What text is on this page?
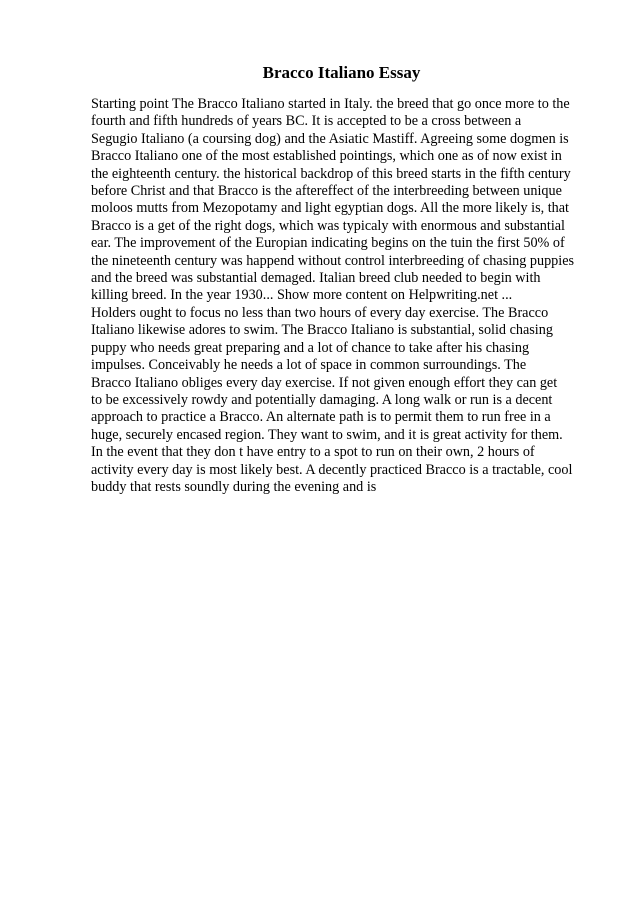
Bracco Italiano Essay
Starting point The Bracco Italiano started in Italy. the breed that go once more to the
fourth and fifth hundreds of years BC. It is accepted to be a cross between a
Segugio Italiano (a coursing dog) and the Asiatic Mastiff. Agreeing some dogmen is
Bracco Italiano one of the most established pointings, which one as of now exist in
the eighteenth century. the historical backdrop of this breed starts in the fifth century
before Christ and that Bracco is the aftereffect of the interbreeding between unique
moloos mutts from Mezopotamy and light egyptian dogs. All the more likely is, that
Bracco is a get of the right dogs, which was typicaly with enormous and substantial
ear. The improvement of the Europian indicating begins on the tuin the first 50% of
the nineteenth century was happend without control interbreeding of chasing puppies
and the breed was substantial demaged. Italian breed club needed to begin with
killing breed. In the year 1930... Show more content on Helpwriting.net ...
Holders ought to focus no less than two hours of every day exercise. The Bracco
Italiano likewise adores to swim. The Bracco Italiano is substantial, solid chasing
puppy who needs great preparing and a lot of chance to take after his chasing
impulses. Conceivably he needs a lot of space in common surroundings. The
Bracco Italiano obliges every day exercise. If not given enough effort they can get
to be excessively rowdy and potentially damaging. A long walk or run is a decent
approach to practice a Bracco. An alternate path is to permit them to run free in a
huge, securely encased region. They want to swim, and it is great activity for them.
In the event that they don t have entry to a spot to run on their own, 2 hours of
activity every day is most likely best. A decently practiced Bracco is a tractable, cool
buddy that rests soundly during the evening and is
